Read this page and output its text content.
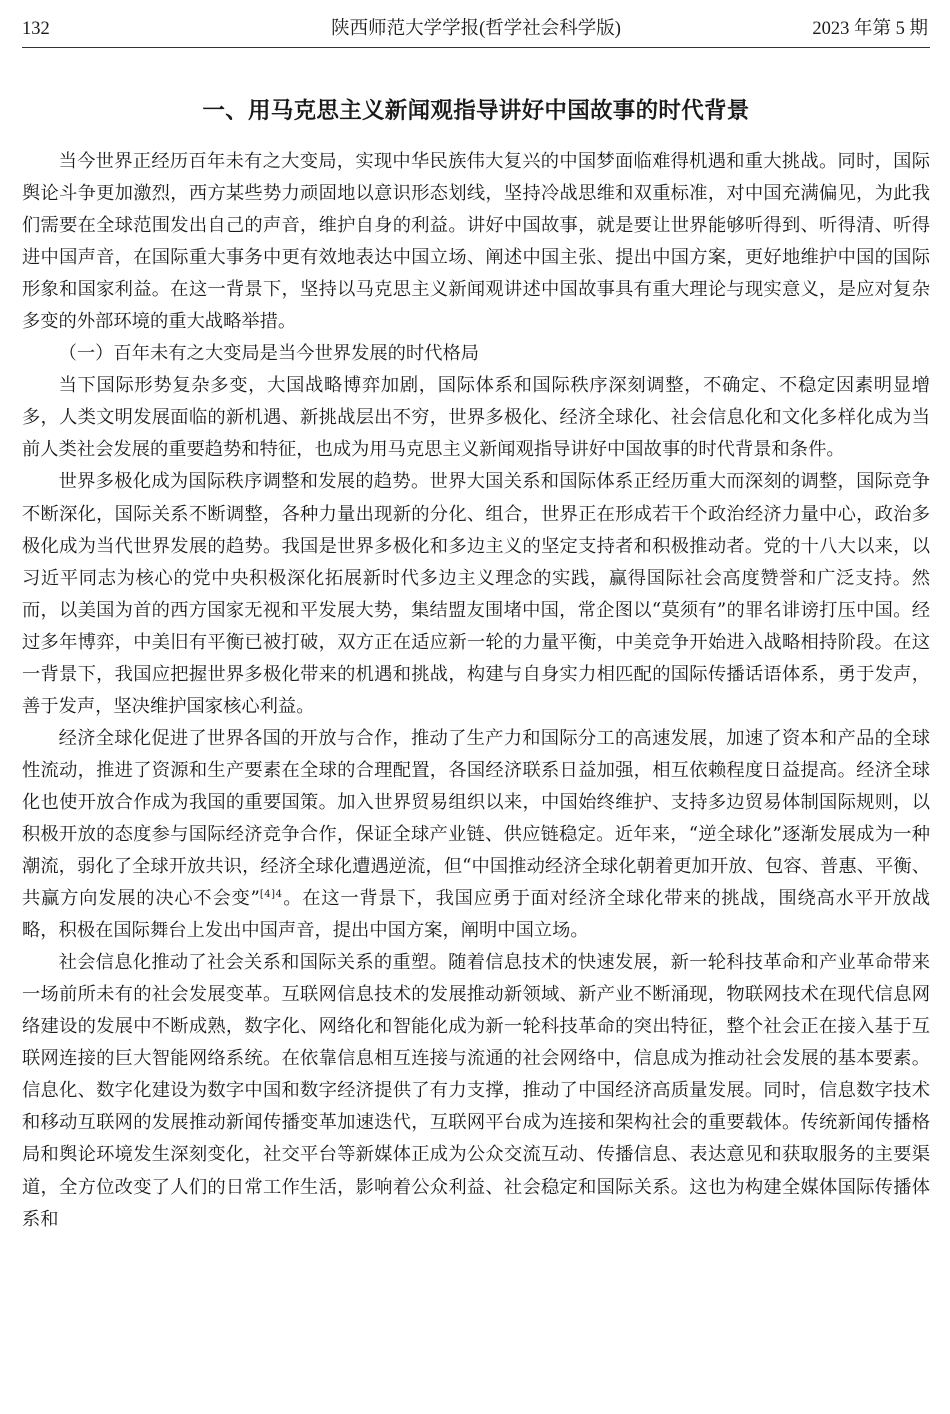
132	陕西师范大学学报(哲学社会科学版)	2023 年第 5 期
一、用马克思主义新闻观指导讲好中国故事的时代背景

当今世界正经历百年未有之大变局，实现中华民族伟大复兴的中国梦面临难得机遇和重大挑战。同时，国际舆论斗争更加激烈，西方某些势力顽固地以意识形态划线，坚持冷战思维和双重标准，对中国充满偏见，为此我们需要在全球范围发出自己的声音，维护自身的利益。讲好中国故事，就是要让世界能够听得到、听得清、听得进中国声音，在国际重大事务中更有效地表达中国立场、阐述中国主张、提出中国方案，更好地维护中国的国际形象和国家利益。在这一背景下，坚持以马克思主义新闻观讲述中国故事具有重大理论与现实意义，是应对复杂多变的外部环境的重大战略举措。

（一）百年未有之大变局是当今世界发展的时代格局

当下国际形势复杂多变，大国战略博弈加剧，国际体系和国际秩序深刻调整，不确定、不稳定因素明显增多，人类文明发展面临的新机遇、新挑战层出不穷，世界多极化、经济全球化、社会信息化和文化多样化成为当前人类社会发展的重要趋势和特征，也成为用马克思主义新闻观指导讲好中国故事的时代背景和条件。

世界多极化成为国际秩序调整和发展的趋势。世界大国关系和国际体系正经历重大而深刻的调整，国际竞争不断深化，国际关系不断调整，各种力量出现新的分化、组合，世界正在形成若干个政治经济力量中心，政治多极化成为当代世界发展的趋势。我国是世界多极化和多边主义的坚定支持者和积极推动者。党的十八大以来，以习近平同志为核心的党中央积极深化拓展新时代多边主义理念的实践，赢得国际社会高度赞誉和广泛支持。然而，以美国为首的西方国家无视和平发展大势，集结盟友围堵中国，常企图以“莫须有”的罪名诽谤打压中国。经过多年博弈，中美旧有平衡已被打破，双方正在适应新一轮的力量平衡，中美竞争开始进入战略相持阶段。在这一背景下，我国应把握世界多极化带来的机遇和挑战，构建与自身实力相匹配的国际传播话语体系，勇于发声，善于发声，坚决维护国家核心利益。

经济全球化促进了世界各国的开放与合作，推动了生产力和国际分工的高速发展，加速了资本和产品的全球性流动，推进了资源和生产要素在全球的合理配置，各国经济联系日益加强，相互依赖程度日益提高。经济全球化也使开放合作成为我国的重要国策。加入世界贸易组织以来，中国始终维护、支持多边贸易体制国际规则，以积极开放的态度参与国际经济竞争合作，保证全球产业链、供应链稳定。近年来，“逆全球化”逐渐发展成为一种潮流，弱化了全球开放共识，经济全球化遭遇逆流，但“中国推动经济全球化朝着更加开放、包容、普惠、平衡、共赢方向发展的决心不会变”$^{[4]4}$。在这一背景下，我国应勇于面对经济全球化带来的挑战，围绕高水平开放战略，积极在国际舞台上发出中国声音，提出中国方案，阐明中国立场。

社会信息化推动了社会关系和国际关系的重塑。随着信息技术的快速发展，新一轮科技革命和产业革命带来一场前所未有的社会发展变革。互联网信息技术的发展推动新领域、新产业不断涌现，物联网技术在现代信息网络建设的发展中不断成熟，数字化、网络化和智能化成为新一轮科技革命的突出特征，整个社会正在接入基于互联网连接的巨大智能网络系统。在依靠信息相互连接与流通的社会网络中，信息成为推动社会发展的基本要素。信息化、数字化建设为数字中国和数字经济提供了有力支撑，推动了中国经济高质量发展。同时，信息数字技术和移动互联网的发展推动新闻传播变革加速迭代，互联网平台成为连接和架构社会的重要载体。传统新闻传播格局和舆论环境发生深刻变化，社交平台等新媒体正成为公众交流互动、传播信息、表达意见和获取服务的主要渠道，全方位改变了人们的日常工作生活，影响着公众利益、社会稳定和国际关系。这也为构建全媒体国际传播体系和
